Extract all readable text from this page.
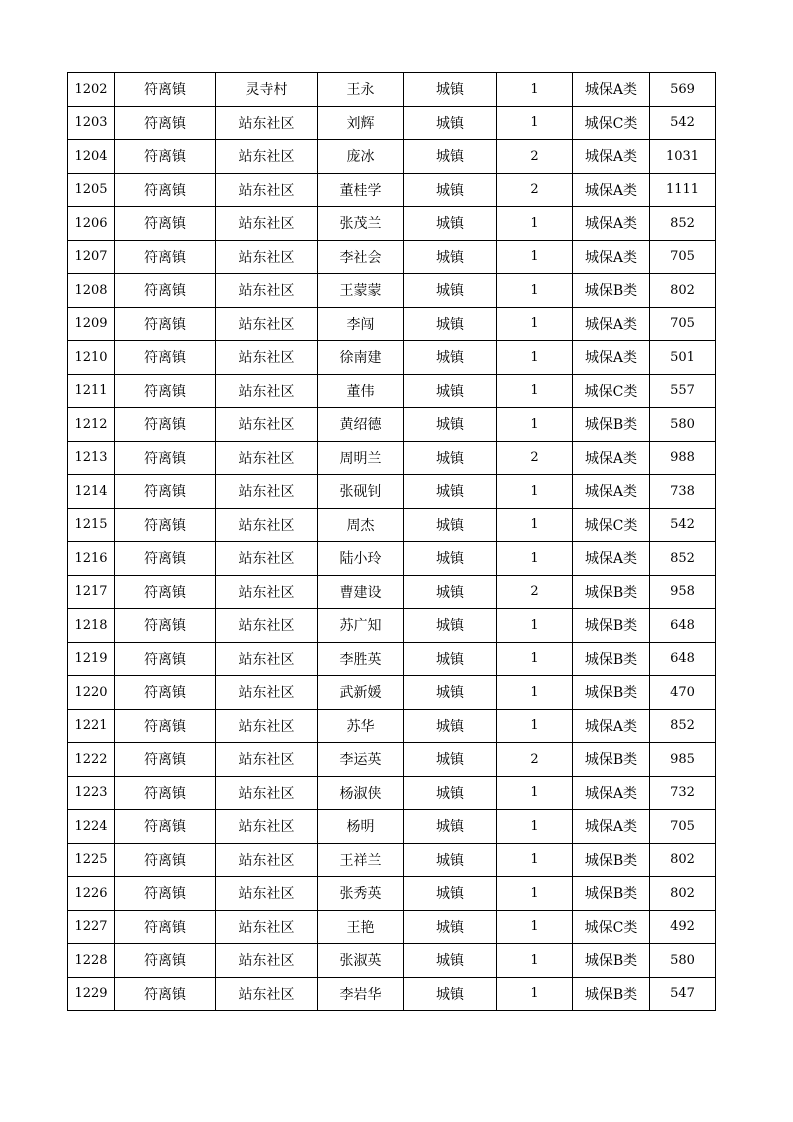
1202	符离镇	灵寺村	王永	城镇	1	城保A类	569
1203	符离镇	站东社区	刘辉	城镇	1	城保C类	542
1204	符离镇	站东社区	庞冰	城镇	2	城保A类	1031
1205	符离镇	站东社区	董桂学	城镇	2	城保A类	1111
1206	符离镇	站东社区	张茂兰	城镇	1	城保A类	852
1207	符离镇	站东社区	李社会	城镇	1	城保A类	705
1208	符离镇	站东社区	王蒙蒙	城镇	1	城保B类	802
1209	符离镇	站东社区	李闯	城镇	1	城保A类	705
1210	符离镇	站东社区	徐南建	城镇	1	城保A类	501
1211	符离镇	站东社区	董伟	城镇	1	城保C类	557
1212	符离镇	站东社区	黄绍德	城镇	1	城保B类	580
1213	符离镇	站东社区	周明兰	城镇	2	城保A类	988
1214	符离镇	站东社区	张砚钊	城镇	1	城保A类	738
1215	符离镇	站东社区	周杰	城镇	1	城保C类	542
1216	符离镇	站东社区	陆小玲	城镇	1	城保A类	852
1217	符离镇	站东社区	曹建设	城镇	2	城保B类	958
1218	符离镇	站东社区	苏广知	城镇	1	城保B类	648
1219	符离镇	站东社区	李胜英	城镇	1	城保B类	648
1220	符离镇	站东社区	武新媛	城镇	1	城保B类	470
1221	符离镇	站东社区	苏华	城镇	1	城保A类	852
1222	符离镇	站东社区	李运英	城镇	2	城保B类	985
1223	符离镇	站东社区	杨淑侠	城镇	1	城保A类	732
1224	符离镇	站东社区	杨明	城镇	1	城保A类	705
1225	符离镇	站东社区	王祥兰	城镇	1	城保B类	802
1226	符离镇	站东社区	张秀英	城镇	1	城保B类	802
1227	符离镇	站东社区	王艳	城镇	1	城保C类	492
1228	符离镇	站东社区	张淑英	城镇	1	城保B类	580
1229	符离镇	站东社区	李岩华	城镇	1	城保B类	547
